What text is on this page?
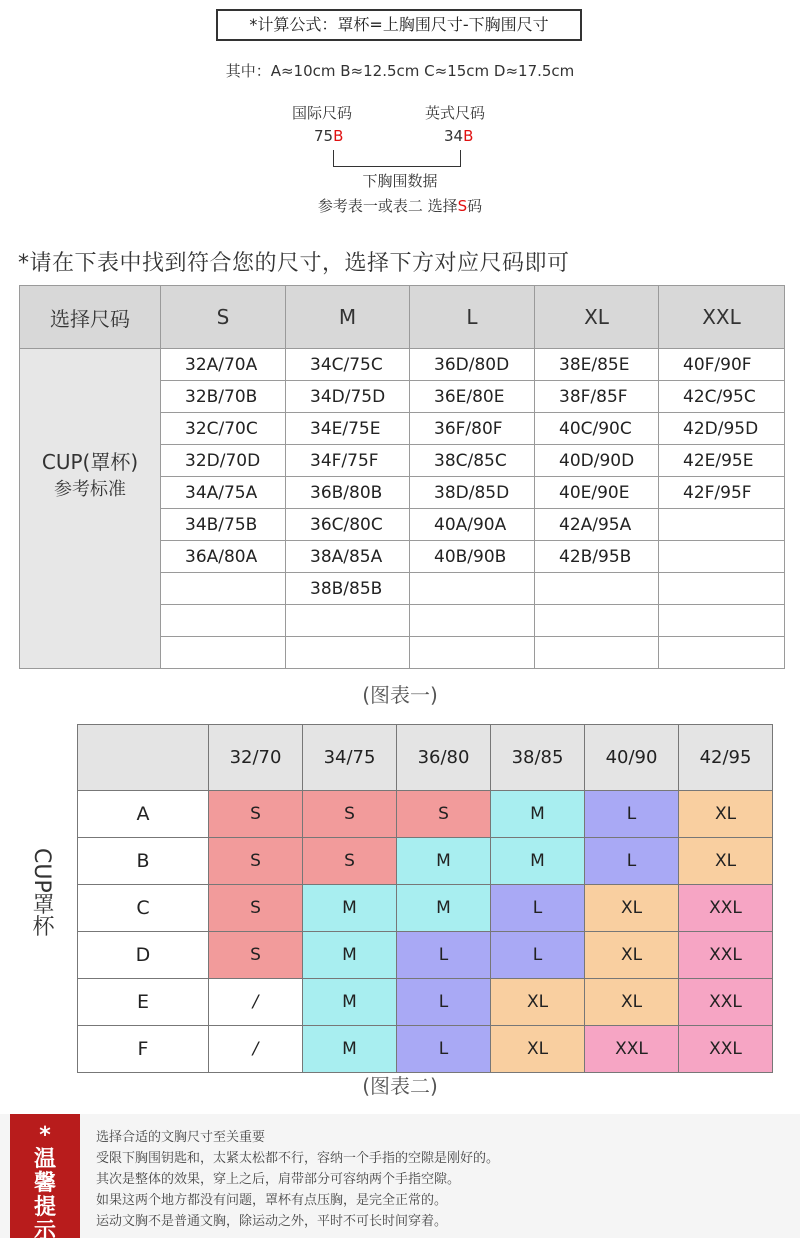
*计算公式：罩杯=上胸围尺寸-下胸围尺寸
其中：A≈10cm B≈12.5cm C≈15cm D≈17.5cm
国际尺码	英式尺码
75B	34B
下胸围数据
参考表一或表二 选择S码
*请在下表中找到符合您的尺寸，选择下方对应尺码即可
选择尺码	S	M	L	XL	XXL

CUP(罩杯)
参考标准	32A/70A	34C/75C	36D/80D	38E/85E	40F/90F
	32B/70B	34D/75D	36E/80E	38F/85F	42C/95C
	32C/70C	34E/75E	36F/80F	40C/90C	42D/95D
	32D/70D	34F/75F	38C/85C	40D/90D	42E/95E
	34A/75A	36B/80B	38D/85D	40E/90E	42F/95F
	34B/75B	36C/80C	40A/90A	42A/95A	
	36A/80A	38A/85A	40B/90B	42B/95B	
		38B/85B			

(图表一)
CUP罩杯
	32/70	34/75	36/80	38/85	40/90	42/95
A	S	S	S	M	L	XL
B	S	S	M	M	L	XL
C	S	M	M	L	XL	XXL
D	S	M	L	L	XL	XXL
E	/	M	L	XL	XL	XXL
F	/	M	L	XL	XXL	XXL
(图表二)
*
温
馨
提
示
选择合适的文胸尺寸至关重要
受限下胸围钥匙和，太紧太松都不行，容纳一个手指的空隙是刚好的。
其次是整体的效果，穿上之后，肩带部分可容纳两个手指空隙。
如果这两个地方都没有问题，罩杯有点压胸，是完全正常的。
运动文胸不是普通文胸，除运动之外，平时不可长时间穿着。
